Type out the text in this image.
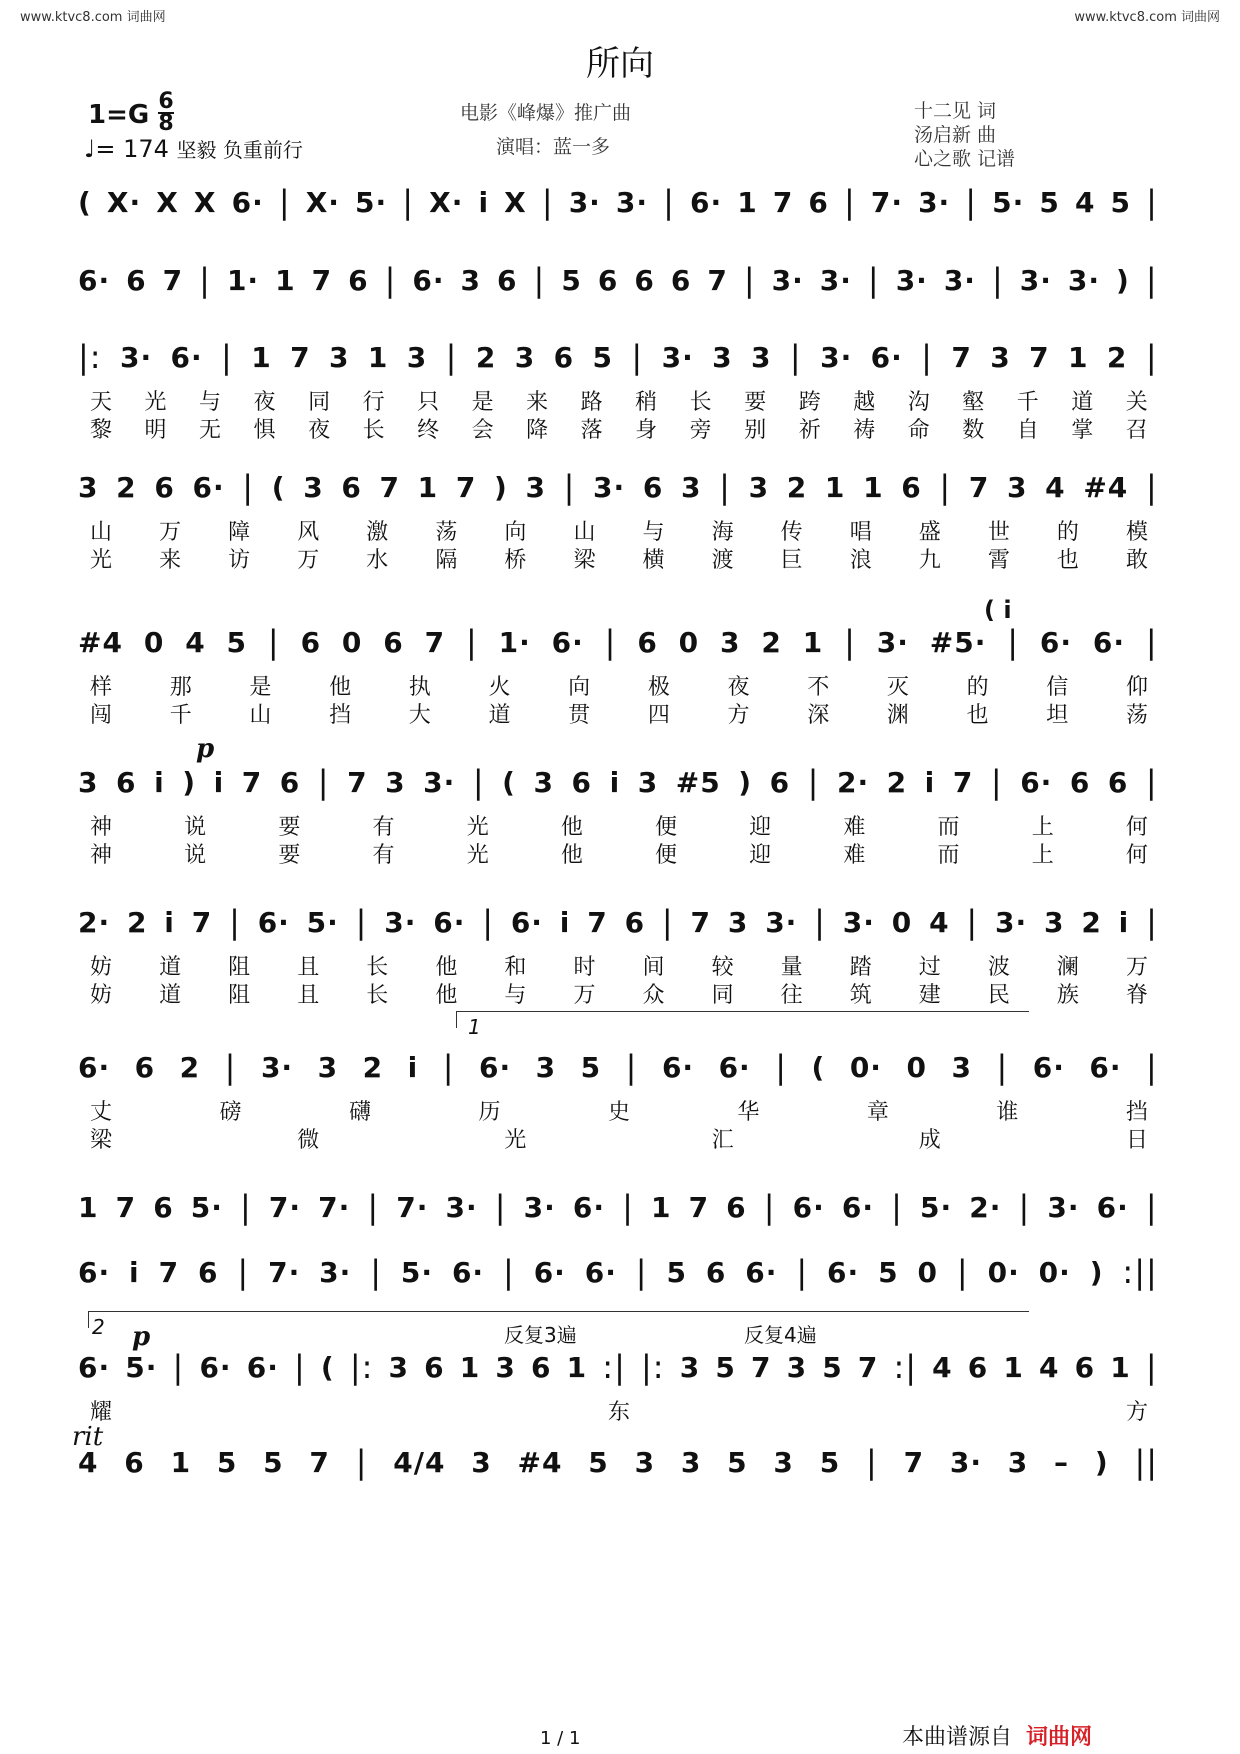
www.ktvc8.com 词曲网	www.ktvc8.com 词曲网
所向
1=G 6
8
♩= 174 坚毅 负重前行
电影《峰爆》推广曲
演唱：蓝一多
十二见 词
汤启新 曲
心之歌 记谱
( X· X X 6· | X· 5· | X· i X | 3· 3· | 6· 1 7 6 | 7· 3· | 5· 5 4 5 |
6· 6 7 | 1· 1 7 6 | 6· 3 6 | 5 6 6 6 7 | 3· 3· | 3· 3· | 3· 3· ) |
|: 3· 6· | 1 7 3 1 3 | 2 3 6 5 | 3· 3 3 | 3· 6· | 7 3 7 1 2 |
天 光 与 夜 同 行 只 是 来 路 稍 长 要 跨 越 沟 壑 千 道 关
黎 明 无 惧 夜 长 终 会 降 落 身 旁 别 祈 祷 命 数 自 掌 召
3 2 6 6· | ( 3 6 7 1 7 ) 3 | 3· 6 3 | 3 2 1 1 6 | 7 3 4 #4 |
山 万 障 风 激 荡 向 山 与 海 传 唱 盛 世 的 模
光 来 访 万 水 隔 桥 梁 横 渡 巨 浪 九 霄 也 敢
#4 0 4 5 | 6 0 6 7 | 1· 6· | 6 0 3 2 1 | 3· #5· | 6· 6· |
样	那	是	他	执	火	向	极	夜	不	灭	的	信	仰
闯	千	山	挡	大	道	贯	四	方	深	渊	也	坦	荡
3 6 i ) i 7 6 | 7 3 3· | ( 3 6 i 3 #5 ) 6 | 2· 2 i 7 | 6· 6 6 |
神	说	要	有	光	他	便	迎	难	而	上	何
神	说	要	有	光	他	便	迎	难	而	上	何
2· 2 i 7 | 6· 5· | 3· 6· | 6· i 7 6 | 7 3 3· | 3· 0 4 | 3· 3 2 i |
妨 道 阻 且 长 他 和 时 间 较 量 踏 过 波 澜 万
妨 道 阻 且 长 他 与 万 众 同 往 筑 建 民 族 脊
6· 6 2 | 3· 3 2 i | 6· 3 5 | 6· 6· | ( 0· 0 3 | 6· 6· |
1
丈	磅	礴	历	史	华	章	谁	挡
梁	微	光	汇	成	日
1 7 6 5· | 7· 7· | 7· 3· | 3· 6· | 1 7 6 | 6· 6· | 5· 2· | 3· 6· |
6· i 7 6 | 7· 3· | 5· 6· | 6· 6· | 5 6 6· | 6· 5 0 | 0· 0· ) :||
6· 5· | 6· 6· | ( |: 3 6 1 3 6 1 :| |: 3 5 7 3 5 7 :| 4 6 1 4 6 1 |
2	反复3遍	反复4遍
耀	东	方
4 6 1 5 5 7 | 4/4 3 #4 5 3 3 5 3 5 | 7 3· 3 – ) ||
p
p
rit
( i
本曲谱源自 词曲网
1 / 1
